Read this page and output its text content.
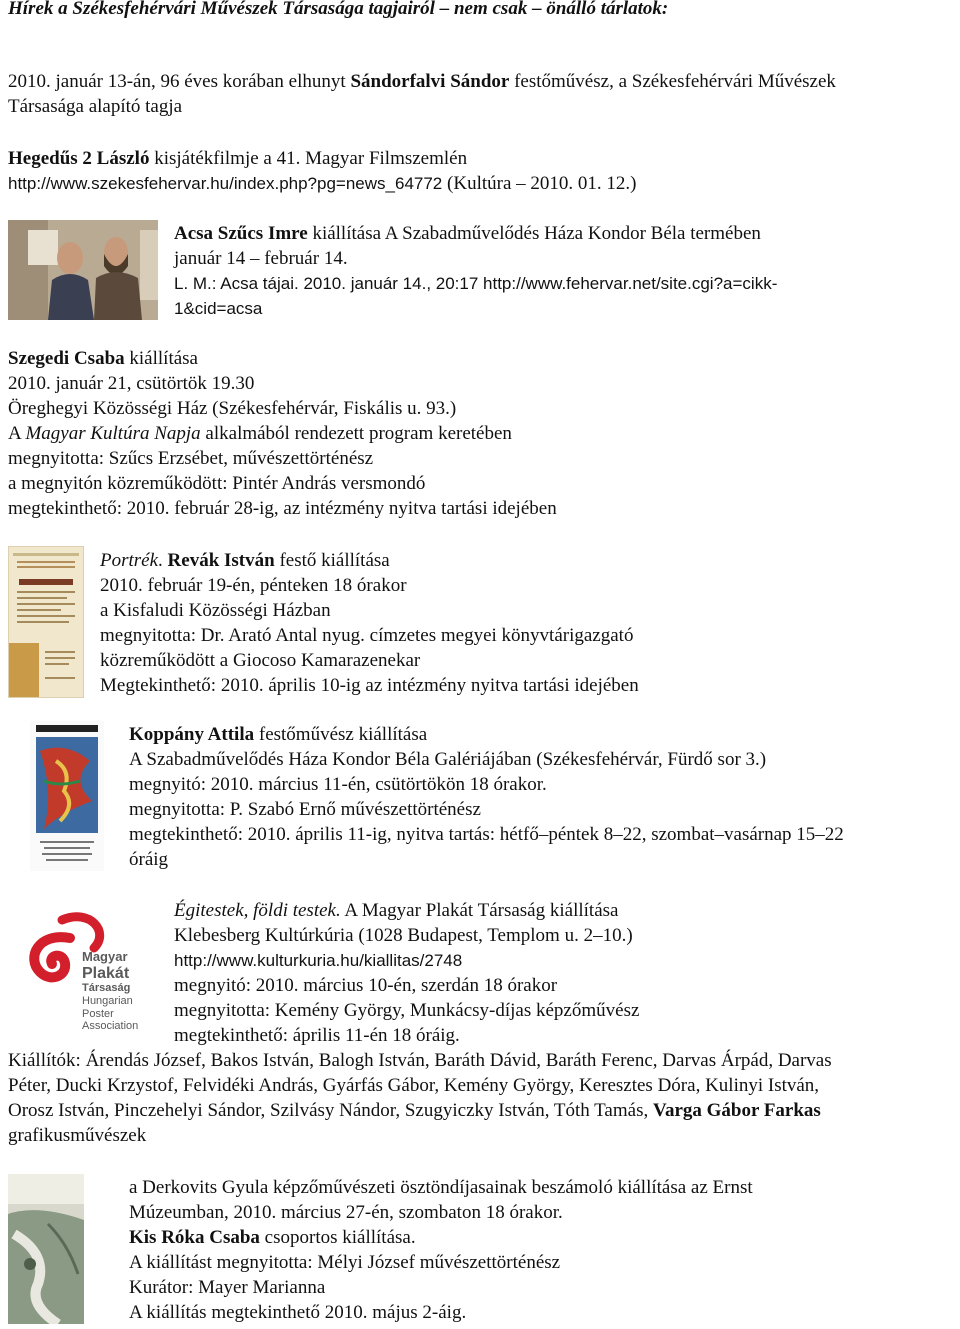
Hírek a Székesfehérvári Művészek Társasága tagjairól – nem csak – önálló tárlatok:
2010. január 13-án, 96 éves korában elhunyt Sándorfalvi Sándor festőművész, a Székesfehérvári Művészek
Társasága alapító tagja
Hegedűs 2 László kisjátékfilmje a 41. Magyar Filmszemlén
http://www.szekesfehervar.hu/index.php?pg=news_64772 (Kultúra – 2010. 01. 12.)
Acsa Szűcs Imre kiállítása A Szabadművelődés Háza Kondor Béla termében
január 14 – február 14.
L. M.: Acsa tájai. 2010. január 14., 20:17 http://www.fehervar.net/site.cgi?a=cikk-
1&cid=acsa
Szegedi Csaba kiállítása
2010. január 21, csütörtök 19.30
Öreghegyi Közösségi Ház (Székesfehérvár, Fiskális u. 93.)
A Magyar Kultúra Napja alkalmából rendezett program keretében
megnyitotta: Szűcs Erzsébet, művészettörténész
a megnyitón közreműködött: Pintér András versmondó
megtekinthető: 2010. február 28-ig, az intézmény nyitva tartási idejében
Portrék. Revák István festő kiállítása
2010. február 19-én, pénteken 18 órakor
a Kisfaludi Közösségi Házban
megnyitotta: Dr. Arató Antal nyug. címzetes megyei könyvtárigazgató
közreműködött a Giocoso Kamarazenekar
Megtekinthető: 2010. április 10-ig az intézmény nyitva tartási idejében
Koppány Attila festőművész kiállítása
A Szabadművelődés Háza Kondor Béla Galériájában (Székesfehérvár, Fürdő sor 3.)
megnyitó: 2010. március 11-én, csütörtökön 18 órakor.
megnyitotta: P. Szabó Ernő művészettörténész
megtekinthető: 2010. április 11-ig, nyitva tartás: hétfő–péntek 8–22, szombat–vasárnap 15–22
óráig
Magyar
Plakát
Társaság
Hungarian
Poster
Association
Égitestek, földi testek. A Magyar Plakát Társaság kiállítása
Klebesberg Kultúrkúria (1028 Budapest, Templom u. 2–10.)
http://www.kulturkuria.hu/kiallitas/2748
megnyitó: 2010. március 10-én, szerdán 18 órakor
megnyitotta: Kemény György, Munkácsy-díjas képzőművész
megtekinthető: április 11-én 18 óráig.
Kiállítók: Árendás József, Bakos István, Balogh István, Baráth Dávid, Baráth Ferenc, Darvas Árpád, Darvas
Péter, Ducki Krzystof, Felvidéki András, Gyárfás Gábor, Kemény György, Keresztes Dóra, Kulinyi István,
Orosz István, Pinczehelyi Sándor, Szilvásy Nándor, Szugyiczky István, Tóth Tamás, Varga Gábor Farkas
grafikusművészek
a Derkovits Gyula képzőművészeti ösztöndíjasainak beszámoló kiállítása az Ernst
Múzeumban, 2010. március 27-én, szombaton 18 órakor.
Kis Róka Csaba csoportos kiállítása.
A kiállítást megnyitotta: Mélyi József művészettörténész
Kurátor: Mayer Marianna
A kiállítás megtekinthető 2010. május 2-áig.
